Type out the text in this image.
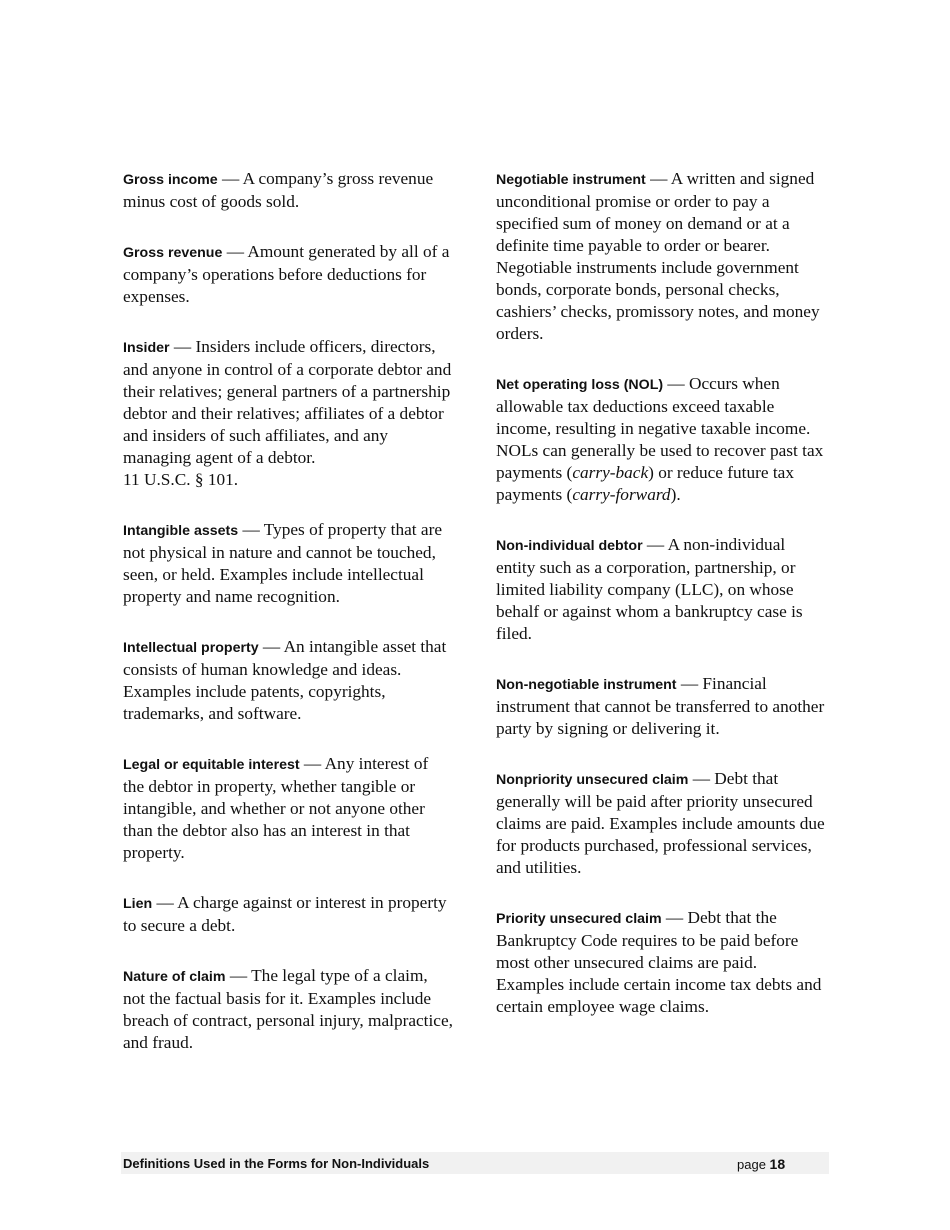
Gross income — A company’s gross revenue minus cost of goods sold.

Gross revenue — Amount generated by all of a company’s operations before deductions for expenses.

Insider — Insiders include officers, directors, and anyone in control of a corporate debtor and their relatives; general partners of a partnership debtor and their relatives; affiliates of a debtor and insiders of such affiliates, and any managing agent of a debtor.
11 U.S.C. § 101.

Intangible assets — Types of property that are not physical in nature and cannot be touched, seen, or held. Examples include intellectual property and name recognition.

Intellectual property — An intangible asset that consists of human knowledge and ideas. Examples include patents, copyrights, trademarks, and software.

Legal or equitable interest — Any interest of the debtor in property, whether tangible or intangible, and whether or not anyone other than the debtor also has an interest in that property.

Lien — A charge against or interest in property to secure a debt.

Nature of claim — The legal type of a claim, not the factual basis for it. Examples include breach of contract, personal injury, malpractice, and fraud.

Negotiable instrument — A written and signed unconditional promise or order to pay a specified sum of money on demand or at a definite time payable to order or bearer. Negotiable instruments include government bonds, corporate bonds, personal checks, cashiers’ checks, promissory notes, and money orders.

Net operating loss (NOL) — Occurs when allowable tax deductions exceed taxable income, resulting in negative taxable income. NOLs can generally be used to recover past tax payments (carry-back) or reduce future tax payments (carry-forward).

Non-individual debtor — A non-individual entity such as a corporation, partnership, or limited liability company (LLC), on whose behalf or against whom a bankruptcy case is filed.

Non-negotiable instrument — Financial instrument that cannot be transferred to another party by signing or delivering it.

Nonpriority unsecured claim — Debt that generally will be paid after priority unsecured claims are paid. Examples include amounts due for products purchased, professional services, and utilities.

Priority unsecured claim — Debt that the Bankruptcy Code requires to be paid before most other unsecured claims are paid. Examples include certain income tax debts and certain employee wage claims.

Definitions Used in the Forms for Non-Individuals	page 18
